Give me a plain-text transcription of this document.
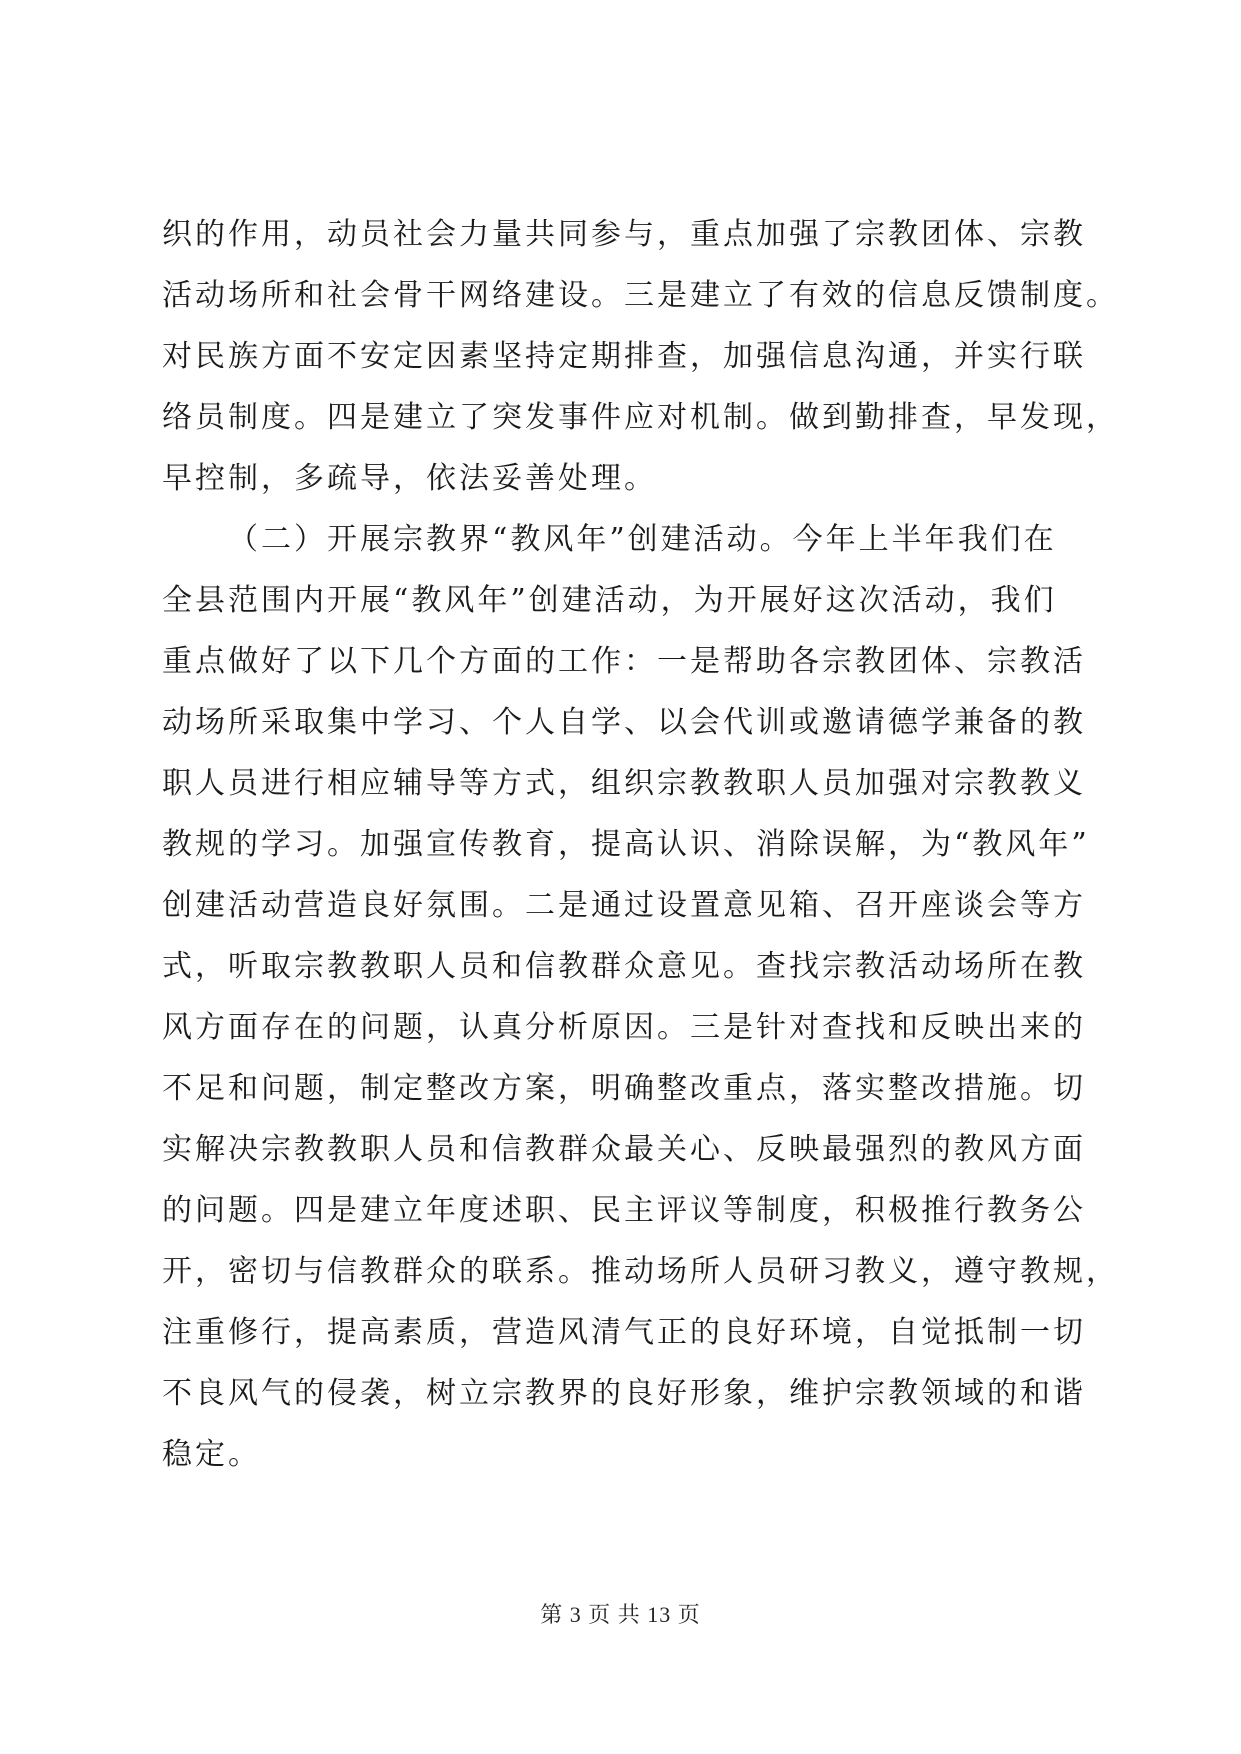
织的作用，动员社会力量共同参与，重点加强了宗教团体、宗教
活动场所和社会骨干网络建设。三是建立了有效的信息反馈制度。
对民族方面不安定因素坚持定期排查，加强信息沟通，并实行联
络员制度。四是建立了突发事件应对机制。做到勤排查，早发现，
早控制，多疏导，依法妥善处理。
（二）开展宗教界“教风年”创建活动。今年上半年我们在
全县范围内开展“教风年”创建活动，为开展好这次活动，我们
重点做好了以下几个方面的工作：一是帮助各宗教团体、宗教活
动场所采取集中学习、个人自学、以会代训或邀请德学兼备的教
职人员进行相应辅导等方式，组织宗教教职人员加强对宗教教义
教规的学习。加强宣传教育，提高认识、消除误解，为“教风年”
创建活动营造良好氛围。二是通过设置意见箱、召开座谈会等方
式，听取宗教教职人员和信教群众意见。查找宗教活动场所在教
风方面存在的问题，认真分析原因。三是针对查找和反映出来的
不足和问题，制定整改方案，明确整改重点，落实整改措施。切
实解决宗教教职人员和信教群众最关心、反映最强烈的教风方面
的问题。四是建立年度述职、民主评议等制度，积极推行教务公
开，密切与信教群众的联系。推动场所人员研习教义，遵守教规，
注重修行，提高素质，营造风清气正的良好环境，自觉抵制一切
不良风气的侵袭，树立宗教界的良好形象，维护宗教领域的和谐
稳定。
第 3 页 共 13 页
